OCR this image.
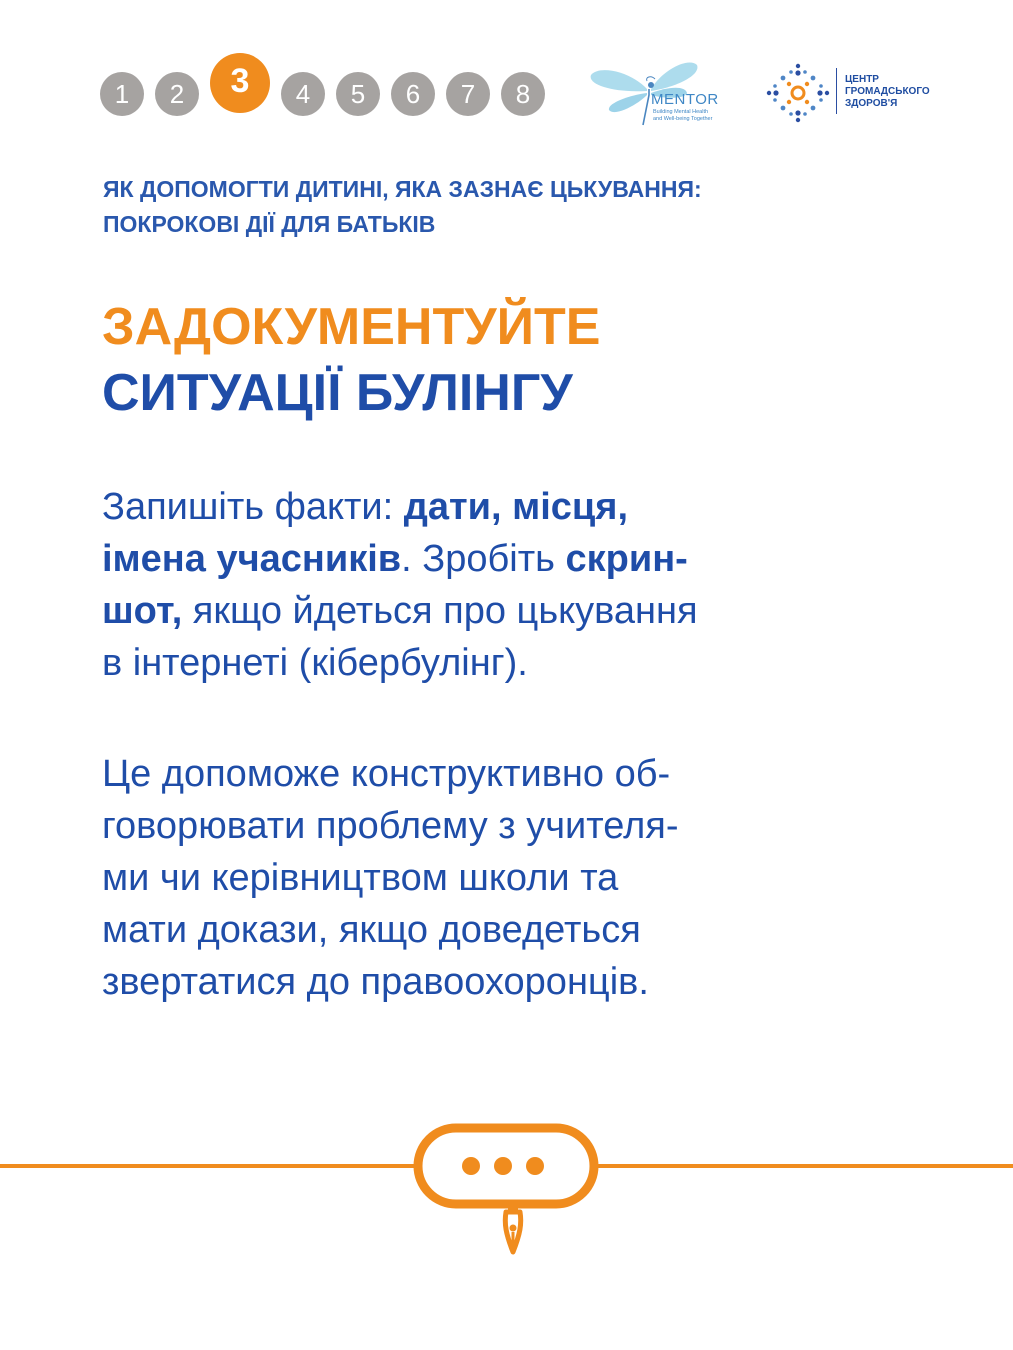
1	2	3	4	5	6	7	8	MENTOR
Building Mental Health
and Well-being Together
ЦЕНТР
ГРОМАДСЬКОГО
ЗДОРОВ'Я
ЯК ДОПОМОГТИ ДИТИНІ, ЯКА ЗАЗНАЄ ЦЬКУВАННЯ:
ПОКРОКОВІ ДІЇ ДЛЯ БАТЬКІВ
ЗАДОКУМЕНТУЙТЕ
СИТУАЦІЇ БУЛІНГУ
Запишіть факти: дати, місця,
імена учасників. Зробіть скрин-
шот, якщо йдеться про цькування
в інтернеті (кібербулінг).
Це допоможе конструктивно об-
говорювати проблему з учителя-
ми чи керівництвом школи та
мати докази, якщо доведеться
звертатися до правоохоронців.
